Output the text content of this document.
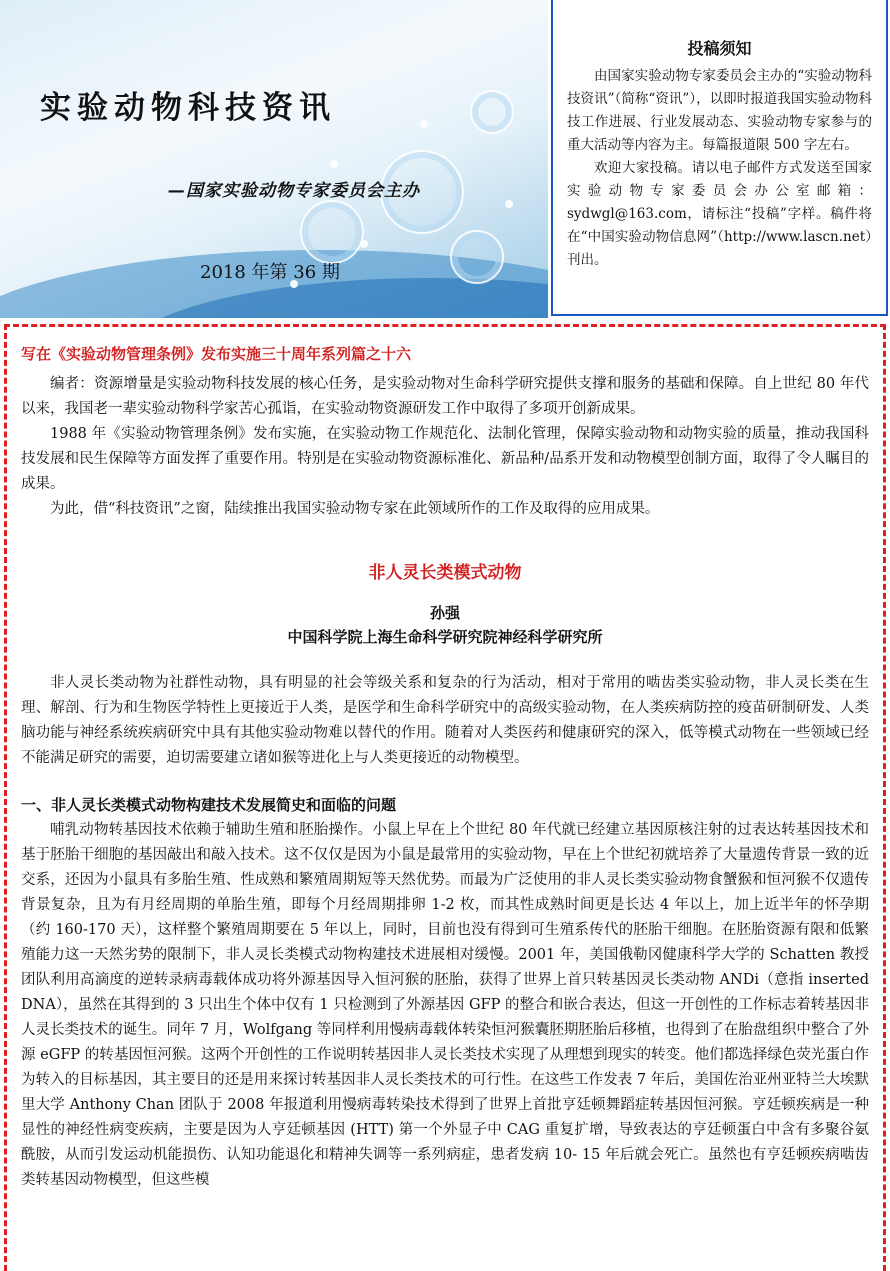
实验动物科技资讯
—国家实验动物专家委员会主办
2018 年第 36 期
投稿须知

由国家实验动物专家委员会主办的“实验动物科技资讯”（简称“资讯”），以即时报道我国实验动物科技工作进展、行业发展动态、实验动物专家参与的重大活动等内容为主。每篇报道限 500 字左右。

欢迎大家投稿。请以电子邮件方式发送至国家实验动物专家委员会办公室邮箱：sydwgl@163.com，请标注“投稿”字样。稿件将在“中国实验动物信息网”（http://www.lascn.net）刊出。

写在《实验动物管理条例》发布实施三十周年系列篇之十六

编者：资源增量是实验动物科技发展的核心任务，是实验动物对生命科学研究提供支撑和服务的基础和保障。自上世纪 80 年代以来，我国老一辈实验动物科学家苦心孤诣，在实验动物资源研发工作中取得了多项开创新成果。

1988 年《实验动物管理条例》发布实施，在实验动物工作规范化、法制化管理，保障实验动物和动物实验的质量，推动我国科技发展和民生保障等方面发挥了重要作用。特别是在实验动物资源标准化、新品种/品系开发和动物模型创制方面，取得了令人瞩目的成果。

为此，借“科技资讯”之窗，陆续推出我国实验动物专家在此领域所作的工作及取得的应用成果。

非人灵长类模式动物

孙强

中国科学院上海生命科学研究院神经科学研究所

非人灵长类动物为社群性动物，具有明显的社会等级关系和复杂的行为活动，相对于常用的啮齿类实验动物，非人灵长类在生理、解剖、行为和生物医学特性上更接近于人类，是医学和生命科学研究中的高级实验动物，在人类疾病防控的疫苗研制研发、人类脑功能与神经系统疾病研究中具有其他实验动物难以替代的作用。随着对人类医药和健康研究的深入，低等模式动物在一些领域已经不能满足研究的需要，迫切需要建立诸如猴等进化上与人类更接近的动物模型。

一、非人灵长类模式动物构建技术发展简史和面临的问题

哺乳动物转基因技术依赖于辅助生殖和胚胎操作。小鼠上早在上个世纪 80 年代就已经建立基因原核注射的过表达转基因技术和基于胚胎干细胞的基因敲出和敲入技术。这不仅仅是因为小鼠是最常用的实验动物，早在上个世纪初就培养了大量遗传背景一致的近交系，还因为小鼠具有多胎生殖、性成熟和繁殖周期短等天然优势。而最为广泛使用的非人灵长类实验动物食蟹猴和恒河猴不仅遗传背景复杂，且为有月经周期的单胎生殖，即每个月经周期排卵 1-2 枚，而其性成熟时间更是长达 4 年以上，加上近半年的怀孕期（约 160-170 天），这样整个繁殖周期要在 5 年以上，同时，目前也没有得到可生殖系传代的胚胎干细胞。在胚胎资源有限和低繁殖能力这一天然劣势的限制下，非人灵长类模式动物构建技术进展相对缓慢。2001 年，美国俄勒冈健康科学大学的 Schatten 教授团队利用高滴度的逆转录病毒载体成功将外源基因导入恒河猴的胚胎，获得了世界上首只转基因灵长类动物 ANDi（意指 inserted DNA），虽然在其得到的 3 只出生个体中仅有 1 只检测到了外源基因 GFP 的整合和嵌合表达，但这一开创性的工作标志着转基因非人灵长类技术的诞生。同年 7 月，Wolfgang 等同样利用慢病毒载体转染恒河猴囊胚期胚胎后移植，也得到了在胎盘组织中整合了外源 eGFP 的转基因恒河猴。这两个开创性的工作说明转基因非人灵长类技术实现了从理想到现实的转变。他们都选择绿色荧光蛋白作为转入的目标基因，其主要目的还是用来探讨转基因非人灵长类技术的可行性。在这些工作发表 7 年后，美国佐治亚州亚特兰大埃默里大学 Anthony Chan 团队于 2008 年报道利用慢病毒转染技术得到了世界上首批亨廷顿舞蹈症转基因恒河猴。亨廷顿疾病是一种显性的神经性病变疾病，主要是因为人亨廷顿基因 (HTT) 第一个外显子中 CAG 重复扩增，导致表达的亨廷顿蛋白中含有多聚谷氨酰胺，从而引发运动机能损伤、认知功能退化和精神失调等一系列病症，患者发病 10- 15 年后就会死亡。虽然也有亨廷顿疾病啮齿类转基因动物模型，但这些模
